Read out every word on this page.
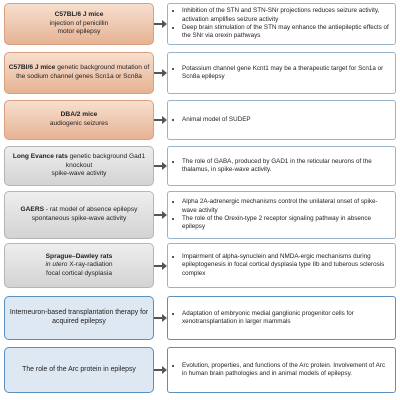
C57BL/6 J mice
injection of penicillin
motor epilepsy
• Inhibition of the STN and STN-SNr projections reduces seizure activity, activation amplifies seizure activity
• Deep brain stimulation of the STN may enhance the antiepileptic effects of the SNr via orexin pathways
C57Bl/6 J mice genetic background mutation of the sodium channel genes Scn1a or Scn8a
• Potassium channel gene Kcnt1 may be a therapeutic target for Scn1a or Scn8a epilepsy
DBA/2 mice
audiogenic seizures
• Animal model of SUDEP
Long Evance rats genetic background Gad1 knockout
spike-wave activity
• The role of GABA, produced by GAD1 in the reticular neurons of the thalamus, in spike-wave activity.
GAERS - rat model of absence epilepsy
spontaneous spike-wave activity
• Alpha 2A-adrenergic mechanisms control the unilateral onset of spike-wave activity
• The role of the Orexin-type 2 receptor signaling pathway in absence epilepsy
Sprague–Dawley rats
in utero X-ray-radiation
focal cortical dysplasia
• Impairment of alpha-synuclein and NMDA-ergic mechanisms during epileptogenesis in focal cortical dysplasia type IIb and tuberous sclerosis complex
Interneuron-based transplantation therapy for acquired epilepsy
• Adaptation of embryonic medial ganglionic progenitor cells for xenotransplantation in larger mammals
The role of the Arc protein in epilepsy
• Evolution, properties, and functions of the Arc protein. Involvement of Arc in human brain pathologies and in animal models of epilepsy.
